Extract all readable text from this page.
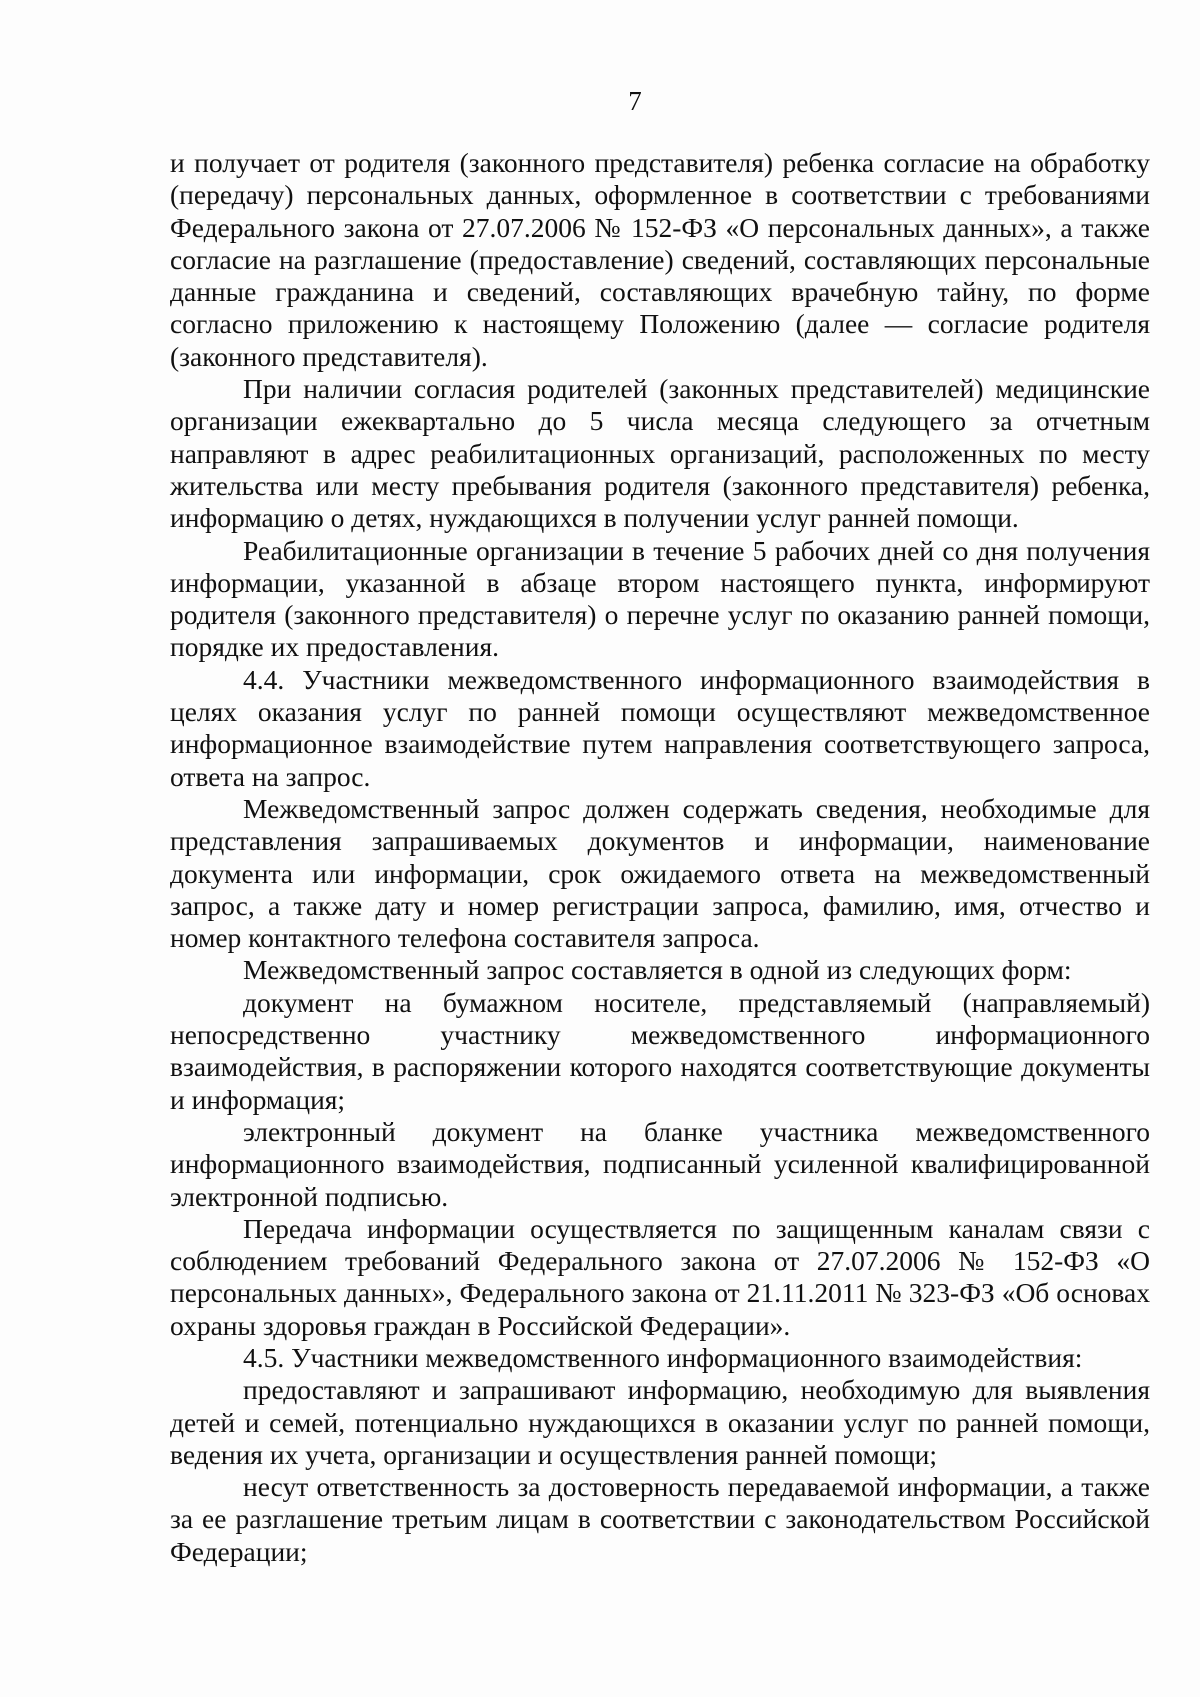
7

и получает от родителя (законного представителя) ребенка согласие на обработку (передачу) персональных данных, оформленное в соответствии с требованиями Федерального закона от 27.07.2006 № 152-ФЗ «О персональных данных», а также согласие на разглашение (предоставление) сведений, составляющих персональные данные гражданина и сведений, составляющих врачебную тайну, по форме согласно приложению к настоящему Положению (далее — согласие родителя (законного представителя).

При наличии согласия родителей (законных представителей) медицинские организации ежеквартально до 5 числа месяца следующего за отчетным направляют в адрес реабилитационных организаций, расположенных по месту жительства или месту пребывания родителя (законного представителя) ребенка, информацию о детях, нуждающихся в получении услуг ранней помощи.

Реабилитационные организации в течение 5 рабочих дней со дня получения информации, указанной в абзаце втором настоящего пункта, информируют родителя (законного представителя) о перечне услуг по оказанию ранней помощи, порядке их предоставления.

4.4. Участники межведомственного информационного взаимодействия в целях оказания услуг по ранней помощи осуществляют межведомственное информационное взаимодействие путем направления соответствующего запроса, ответа на запрос.

Межведомственный запрос должен содержать сведения, необходимые для представления запрашиваемых документов и информации, наименование документа или информации, срок ожидаемого ответа на межведомственный запрос, а также дату и номер регистрации запроса, фамилию, имя, отчество и номер контактного телефона составителя запроса.

Межведомственный запрос составляется в одной из следующих форм:

документ на бумажном носителе, представляемый (направляемый) непосредственно участнику межведомственного информационного взаимодействия, в распоряжении которого находятся соответствующие документы и информация;

электронный документ на бланке участника межведомственного информационного взаимодействия, подписанный усиленной квалифицированной электронной подписью.

Передача информации осуществляется по защищенным каналам связи с соблюдением требований Федерального закона от 27.07.2006 № 152-ФЗ «О персональных данных», Федерального закона от 21.11.2011 № 323-ФЗ «Об основах охраны здоровья граждан в Российской Федерации».

4.5. Участники межведомственного информационного взаимодействия:

предоставляют и запрашивают информацию, необходимую для выявления детей и семей, потенциально нуждающихся в оказании услуг по ранней помощи, ведения их учета, организации и осуществления ранней помощи;

несут ответственность за достоверность передаваемой информации, а также за ее разглашение третьим лицам в соответствии с законодательством Российской Федерации;
